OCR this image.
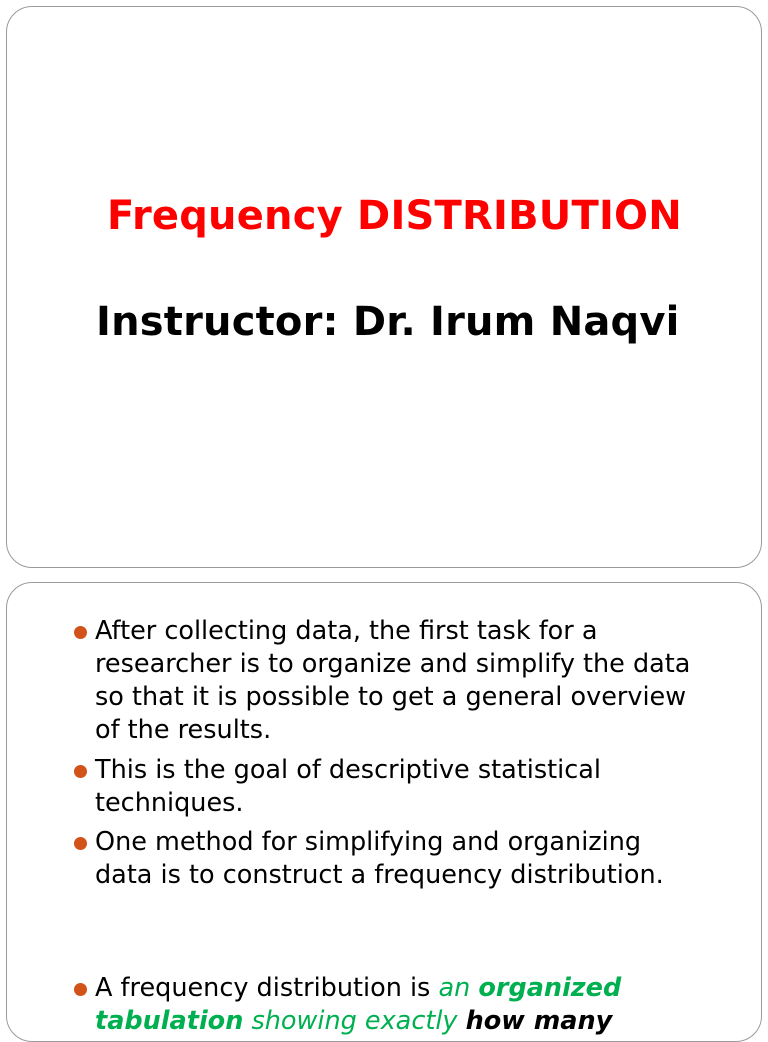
Frequency DISTRIBUTION
Instructor: Dr. Irum Naqvi
After collecting data, the first task for a researcher is to organize and simplify the data so that it is possible to get a general overview of the results.
This is the goal of descriptive statistical techniques.
One method for simplifying and organizing data is to construct a frequency distribution.
A frequency distribution is an organized tabulation showing exactly how many
